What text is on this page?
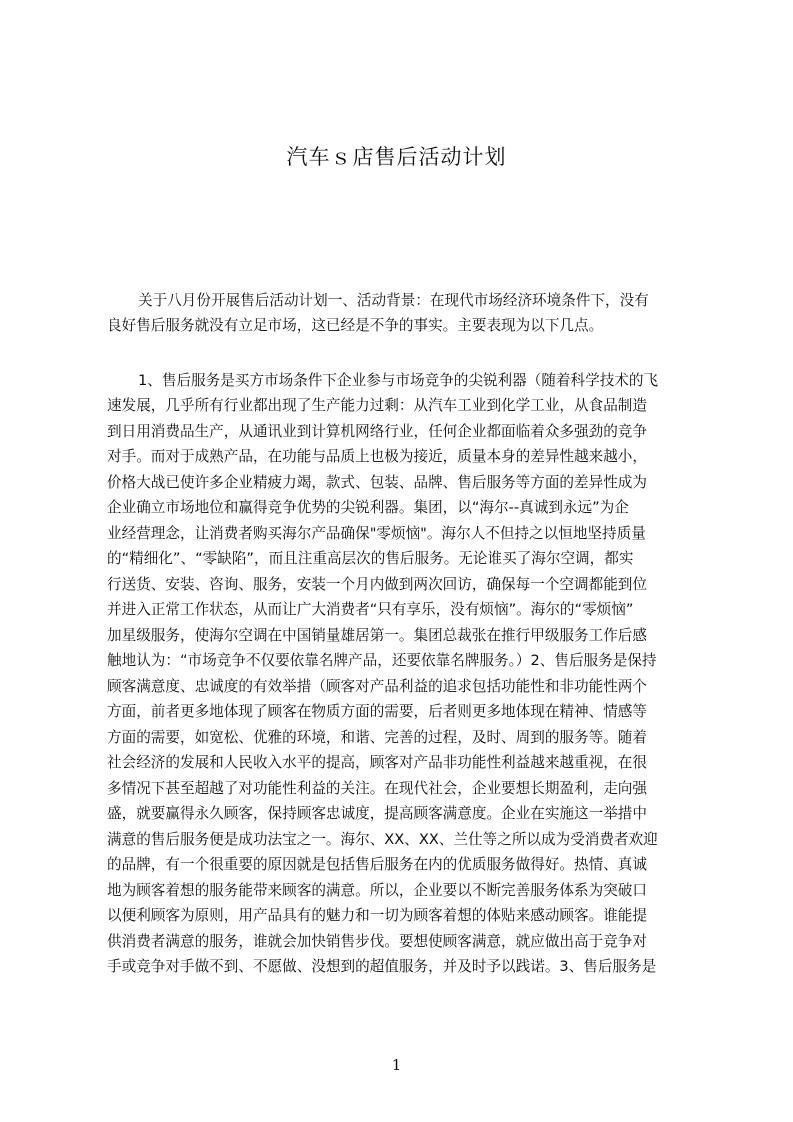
汽车ｓ店售后活动计划
关于八月份开展售后活动计划一、活动背景：在现代市场经济环境条件下，没有
良好售后服务就没有立足市场，这已经是不争的事实。主要表现为以下几点。
1、售后服务是买方市场条件下企业参与市场竞争的尖锐利器（随着科学技术的飞
速发展，几乎所有行业都出现了生产能力过剩：从汽车工业到化学工业，从食品制造
到日用消费品生产，从通讯业到计算机网络行业，任何企业都面临着众多强劲的竞争
对手。而对于成熟产品，在功能与品质上也极为接近，质量本身的差异性越来越小，
价格大战已使许多企业精疲力竭，款式、包装、品牌、售后服务等方面的差异性成为
企业确立市场地位和赢得竞争优势的尖锐利器。集团，以“海尔--真诚到永远”为企
业经营理念，让消费者购买海尔产品确保"零烦恼"。海尔人不但持之以恒地坚持质量
的“精细化”、“零缺陷”，而且注重高层次的售后服务。无论谁买了海尔空调，都实
行送货、安装、咨询、服务，安装一个月内做到两次回访，确保每一个空调都能到位
并进入正常工作状态，从而让广大消费者“只有享乐，没有烦恼”。海尔的“零烦恼”
加星级服务，使海尔空调在中国销量雄居第一。集团总裁张在推行甲级服务工作后感
触地认为：“市场竞争不仅要依靠名牌产品，还要依靠名牌服务。）2、售后服务是保持
顾客满意度、忠诚度的有效举措（顾客对产品利益的追求包括功能性和非功能性两个
方面，前者更多地体现了顾客在物质方面的需要，后者则更多地体现在精神、情感等
方面的需要，如宽松、优雅的环境，和谐、完善的过程，及时、周到的服务等。随着
社会经济的发展和人民收入水平的提高，顾客对产品非功能性利益越来越重视，在很
多情况下甚至超越了对功能性利益的关注。在现代社会，企业要想长期盈利，走向强
盛，就要赢得永久顾客，保持顾客忠诚度，提高顾客满意度。企业在实施这一举措中
满意的售后服务便是成功法宝之一。海尔、XX、XX、兰仕等之所以成为受消费者欢迎
的品牌，有一个很重要的原因就是包括售后服务在内的优质服务做得好。热情、真诚
地为顾客着想的服务能带来顾客的满意。所以，企业要以不断完善服务体系为突破口
以便利顾客为原则，用产品具有的魅力和一切为顾客着想的体贴来感动顾客。谁能提
供消费者满意的服务，谁就会加快销售步伐。要想使顾客满意，就应做出高于竞争对
手或竞争对手做不到、不愿做、没想到的超值服务，并及时予以践诺。3、售后服务是
1
